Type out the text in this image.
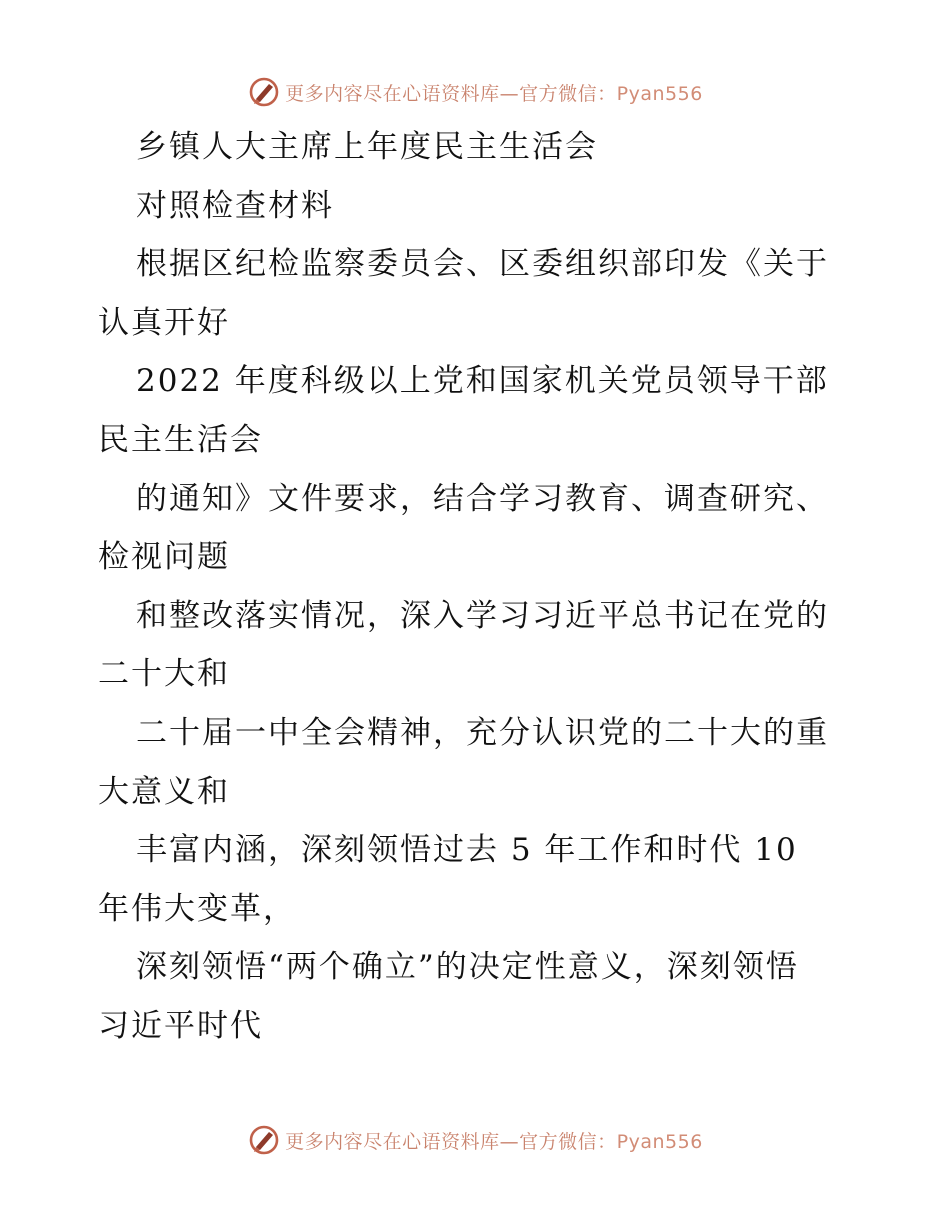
更多内容尽在心语资料库—官方微信：Pyan556
乡镇人大主席上年度民主生活会
对照检查材料
根据区纪检监察委员会、区委组织部印发《关于
认真开好
2022 年度科级以上党和国家机关党员领导干部
民主生活会
的通知》文件要求，结合学习教育、调查研究、
检视问题
和整改落实情况，深入学习习近平总书记在党的
二十大和
二十届一中全会精神，充分认识党的二十大的重
大意义和
丰富内涵，深刻领悟过去 5 年工作和时代 10
年伟大变革，
深刻领悟“两个确立”的决定性意义，深刻领悟
习近平时代
更多内容尽在心语资料库—官方微信：Pyan556
